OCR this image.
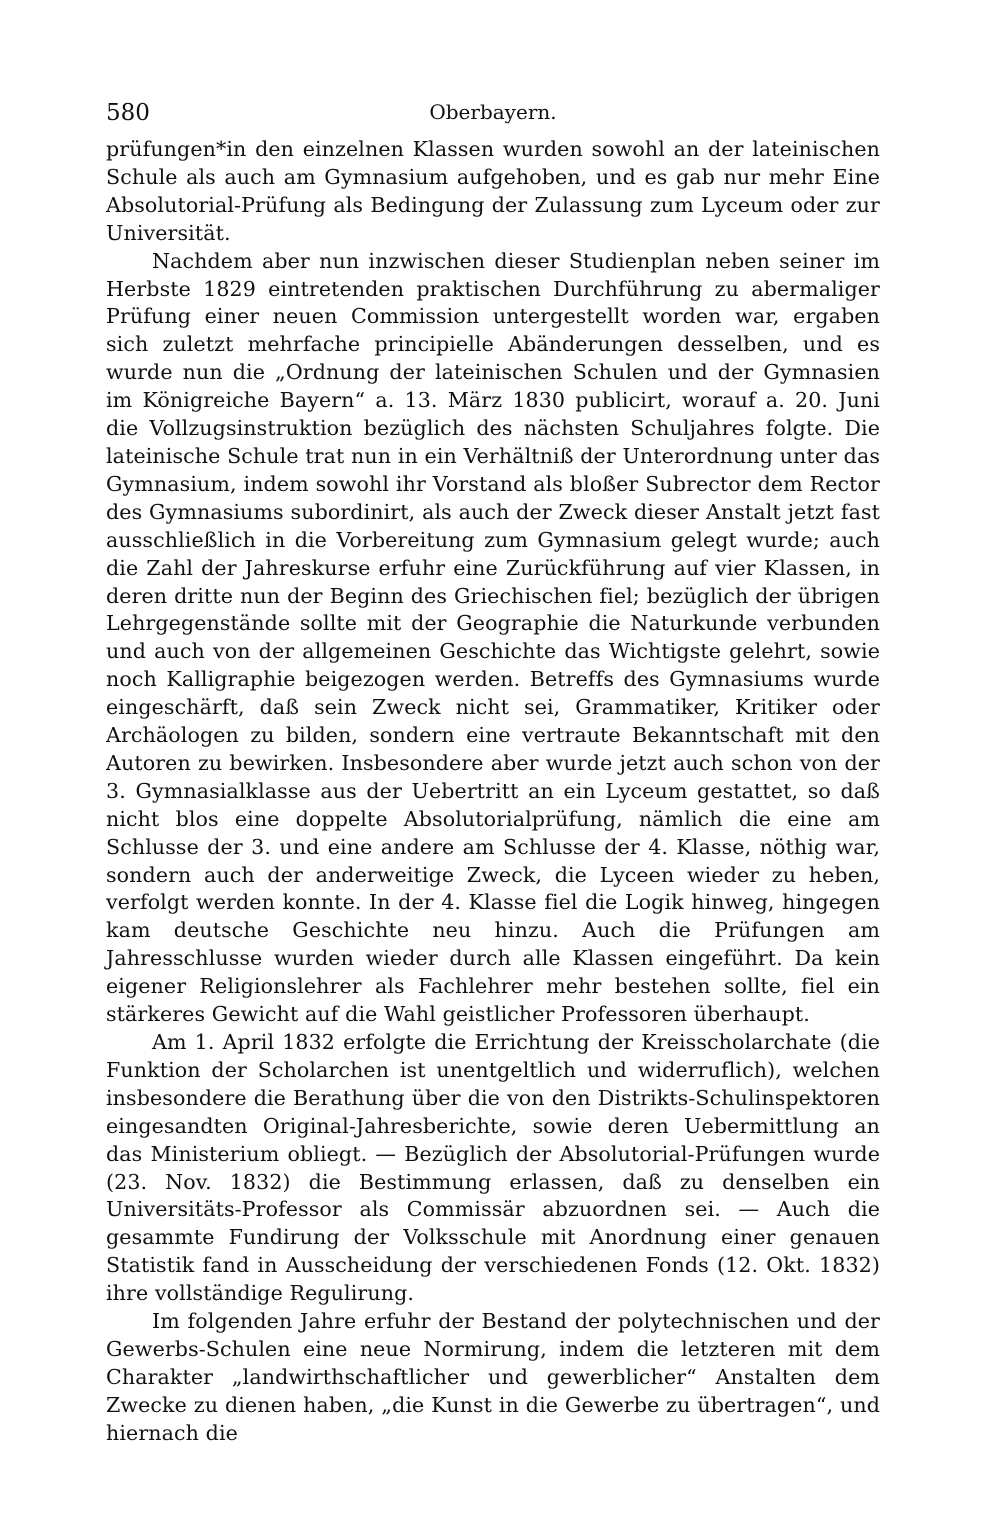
580	Oberbayern.

prüfungen*in den einzelnen Klassen wurden sowohl an der lateinischen Schule als auch am Gymnasium aufgehoben, und es gab nur mehr Eine Absolutorial-Prüfung als Bedingung der Zulassung zum Lyceum oder zur Universität.

Nachdem aber nun inzwischen dieser Studienplan neben seiner im Herbste 1829 eintretenden praktischen Durchführung zu abermaliger Prüfung einer neuen Commission untergestellt worden war, ergaben sich zuletzt mehrfache principielle Abänderungen desselben, und es wurde nun die „Ordnung der lateinischen Schulen und der Gymnasien im Königreiche Bayern“ a. 13. März 1830 publicirt, worauf a. 20. Juni die Vollzugsinstruktion bezüglich des nächsten Schuljahres folgte. Die lateinische Schule trat nun in ein Verhältniß der Unterordnung unter das Gymnasium, indem sowohl ihr Vorstand als bloßer Subrector dem Rector des Gymnasiums subordinirt, als auch der Zweck dieser Anstalt jetzt fast ausschließlich in die Vorbereitung zum Gymnasium gelegt wurde; auch die Zahl der Jahreskurse erfuhr eine Zurückführung auf vier Klassen, in deren dritte nun der Beginn des Griechischen fiel; bezüglich der übrigen Lehrgegenstände sollte mit der Geographie die Naturkunde verbunden und auch von der allgemeinen Geschichte das Wichtigste gelehrt, sowie noch Kalligraphie beigezogen werden. Betreffs des Gymnasiums wurde eingeschärft, daß sein Zweck nicht sei, Grammatiker, Kritiker oder Archäologen zu bilden, sondern eine vertraute Bekanntschaft mit den Autoren zu bewirken. Insbesondere aber wurde jetzt auch schon von der 3. Gymnasialklasse aus der Uebertritt an ein Lyceum gestattet, so daß nicht blos eine doppelte Absolutorialprüfung, nämlich die eine am Schlusse der 3. und eine andere am Schlusse der 4. Klasse, nöthig war, sondern auch der anderweitige Zweck, die Lyceen wieder zu heben, verfolgt werden konnte. In der 4. Klasse fiel die Logik hinweg, hingegen kam deutsche Geschichte neu hinzu. Auch die Prüfungen am Jahresschlusse wurden wieder durch alle Klassen eingeführt. Da kein eigener Religionslehrer als Fachlehrer mehr bestehen sollte, fiel ein stärkeres Gewicht auf die Wahl geistlicher Professoren überhaupt.

Am 1. April 1832 erfolgte die Errichtung der Kreisscholarchate (die Funktion der Scholarchen ist unentgeltlich und widerruflich), welchen insbesondere die Berathung über die von den Distrikts-Schulinspektoren eingesandten Original-Jahresberichte, sowie deren Uebermittlung an das Ministerium obliegt. — Bezüglich der Absolutorial-Prüfungen wurde (23. Nov. 1832) die Bestimmung erlassen, daß zu denselben ein Universitäts-Professor als Commissär abzuordnen sei. — Auch die gesammte Fundirung der Volksschule mit Anordnung einer genauen Statistik fand in Ausscheidung der verschiedenen Fonds (12. Okt. 1832) ihre vollständige Regulirung.

Im folgenden Jahre erfuhr der Bestand der polytechnischen und der Gewerbs-Schulen eine neue Normirung, indem die letzteren mit dem Charakter „landwirthschaftlicher und gewerblicher“ Anstalten dem Zwecke zu dienen haben, „die Kunst in die Gewerbe zu übertragen“, und hiernach die
